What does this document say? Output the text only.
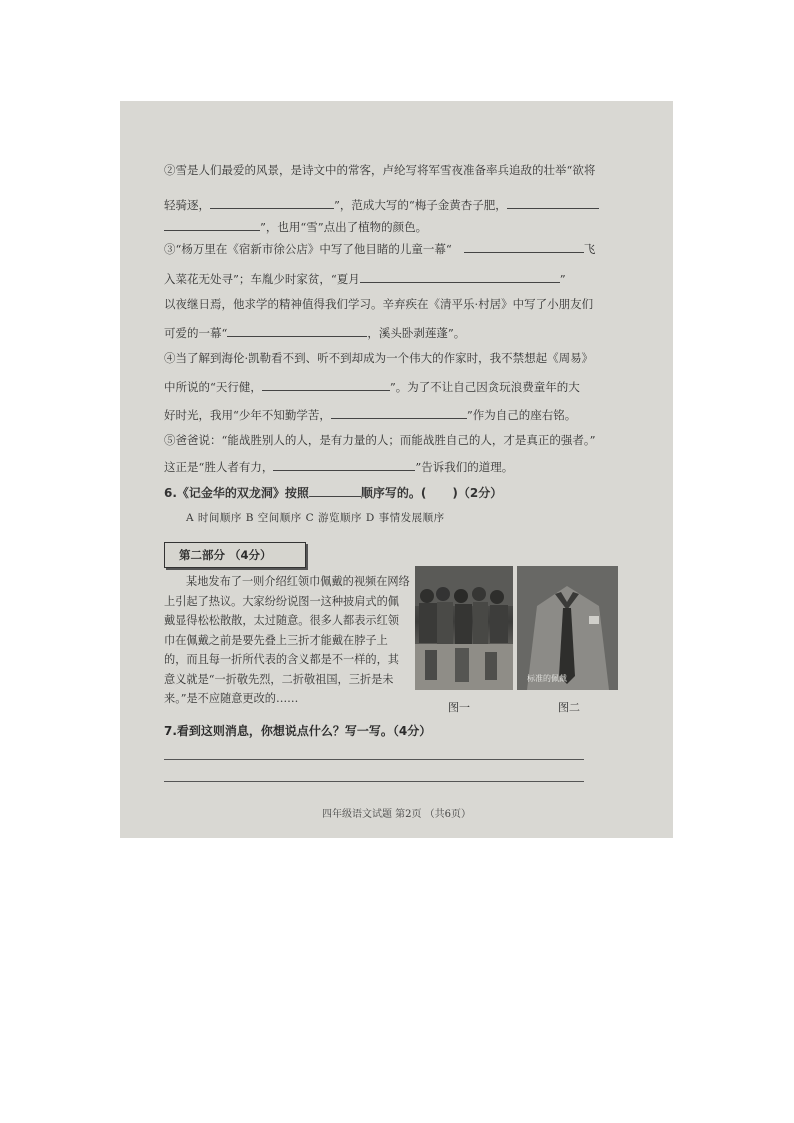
②雪是人们最爱的风景，是诗文中的常客，卢纶写将军雪夜准备率兵追敌的壮举“欲将
轻骑逐，	”，范成大写的“梅子金黄杏子肥，
”，也用“雪”点出了植物的颜色。
③“杨万里在《宿新市徐公店》中写了他目睹的儿童一幕“	飞
入菜花无处寻”；车胤少时家贫，“夏月	”
以夜继日焉，他求学的精神值得我们学习。辛弃疾在《清平乐·村居》中写了小朋友们
可爱的一幕“	，溪头卧剥莲蓬”。
④当了解到海伦·凯勒看不到、听不到却成为一个伟大的作家时，我不禁想起《周易》
中所说的“天行健，	”。为了不让自己因贪玩浪费童年的大
好时光，我用“少年不知勤学苦，	”作为自己的座右铭。
⑤爸爸说：“能战胜别人的人，是有力量的人；而能战胜自己的人，才是真正的强者。”
这正是“胜人者有力，	”告诉我们的道理。
6.《记金华的双龙洞》按照	顺序写的。( )（2分）
A 时间顺序 B 空间顺序 C 游览顺序 D 事情发展顺序
第二部分 （4分）
某地发布了一则介绍红领巾佩戴的视频在网络上引起了热议。大家纷纷说图一这种披肩式的佩戴显得松松散散，太过随意。很多人都表示红领巾在佩戴之前是要先叠上三折才能戴在脖子上的，而且每一折所代表的含义都是不一样的，其意义就是“一折敬先烈，二折敬祖国，三折是未来。”是不应随意更改的……
标准的佩戴
图一	图二
7.看到这则消息，你想说点什么？写一写。（4分）
四年级语文试题 第2页 （共6页）
